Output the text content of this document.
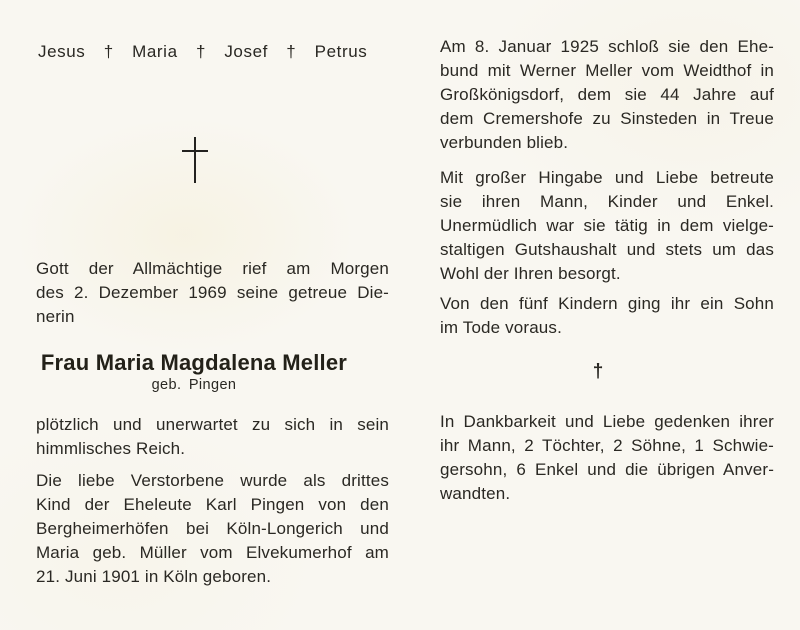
Jesus † Maria † Josef † Petrus
Gott der Allmächtige rief am Morgen
des 2. Dezember 1969 seine getreue Die-
nerin
Frau Maria Magdalena Meller
geb. Pingen
plötzlich und unerwartet zu sich in sein
himmlisches Reich.
Die liebe Verstorbene wurde als drittes
Kind der Eheleute Karl Pingen von den
Bergheimerhöfen bei Köln-Longerich und
Maria geb. Müller vom Elvekumerhof am
21. Juni 1901 in Köln geboren.
Am 8. Januar 1925 schloß sie den Ehe-
bund mit Werner Meller vom Weidthof in
Großkönigsdorf, dem sie 44 Jahre auf
dem Cremershofe zu Sinsteden in Treue
verbunden blieb.
Mit großer Hingabe und Liebe betreute
sie ihren Mann, Kinder und Enkel.
Unermüdlich war sie tätig in dem vielge-
staltigen Gutshaushalt und stets um das
Wohl der Ihren besorgt.
Von den fünf Kindern ging ihr ein Sohn
im Tode voraus.
†
In Dankbarkeit und Liebe gedenken ihrer
ihr Mann, 2 Töchter, 2 Söhne, 1 Schwie-
gersohn, 6 Enkel und die übrigen Anver-
wandten.
